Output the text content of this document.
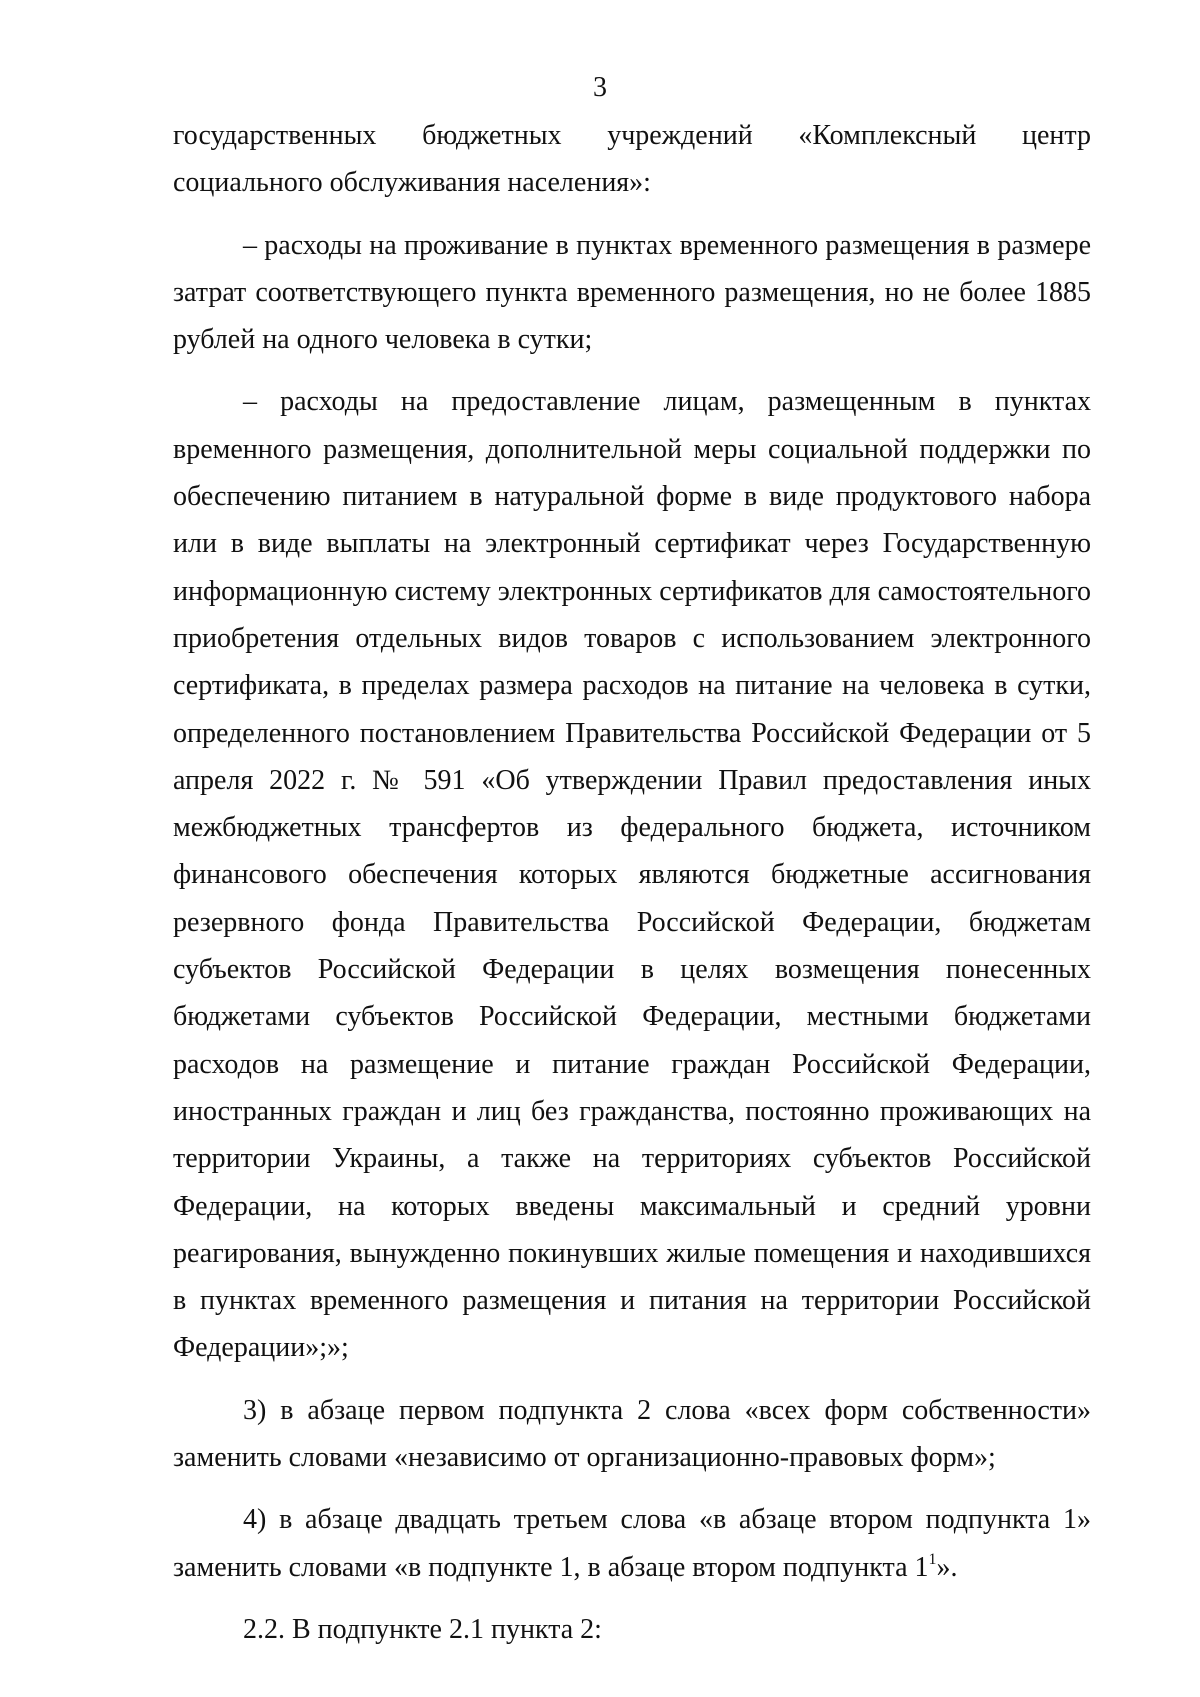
3

государственных бюджетных учреждений «Комплексный центр

социального обслуживания населения»:

– расходы на проживание в пунктах временного размещения в размере затрат соответствующего пункта временного размещения, но не более 1885 рублей на одного человека в сутки;

– расходы на предоставление лицам, размещенным в пунктах временного размещения, дополнительной меры социальной поддержки по обеспечению питанием в натуральной форме в виде продуктового набора или в виде выплаты на электронный сертификат через Государственную информационную систему электронных сертификатов для самостоятельного приобретения отдельных видов товаров с использованием электронного сертификата, в пределах размера расходов на питание на человека в сутки, определенного постановлением Правительства Российской Федерации от 5 апреля 2022 г. № 591 «Об утверждении Правил предоставления иных межбюджетных трансфертов из федерального бюджета, источником финансового обеспечения которых являются бюджетные ассигнования резервного фонда Правительства Российской Федерации, бюджетам субъектов Российской Федерации в целях возмещения понесенных бюджетами субъектов Российской Федерации, местными бюджетами расходов на размещение и питание граждан Российской Федерации, иностранных граждан и лиц без гражданства, постоянно проживающих на территории Украины, а также на территориях субъектов Российской Федерации, на которых введены максимальный и средний уровни реагирования, вынужденно покинувших жилые помещения и находившихся в пунктах временного размещения и питания на территории Российской Федерации»;»;

3) в абзаце первом подпункта 2 слова «всех форм собственности» заменить словами «независимо от организационно-правовых форм»;

4) в абзаце двадцать третьем слова «в абзаце втором подпункта 1» заменить словами «в подпункте 1, в абзаце втором подпункта $1^1$».

2.2. В подпункте 2.1 пункта 2:
